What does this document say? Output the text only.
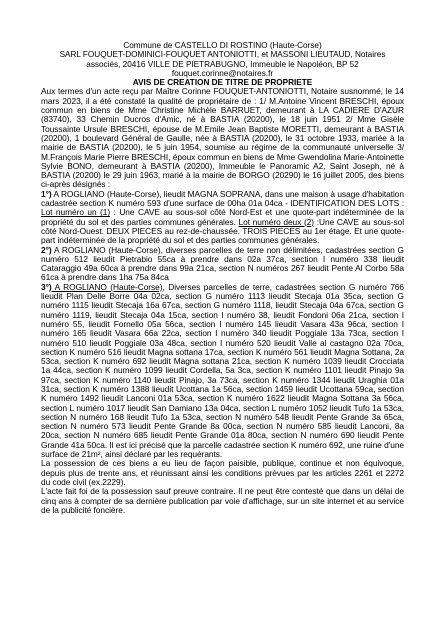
Commune de CASTELLO DI ROSTINO (Haute-Corse)
SARL FOUQUET-DOMINICI-FOUQUET ANTONIOTTI, et MASSONI LIEUTAUD, Notaires
associés, 20416 VILLE DE PIETRABUGNO, Immeuble le Napoléon, BP 52
fouquet.corinne@notaires.fr
AVIS DE CREATION DE TITRE DE PROPRIETE

Aux termes d'un acte reçu par Maître Corinne FOUQUET-ANTONIOTTI, Notaire susnommé, le 14 mars 2023, il a été constaté la qualité de propriétaire de : 1/ M.Antoine Vincent BRESCHI, époux commun en biens de Mme Christine Michèle BARRUET, demeurant à LA CADIERE D'AZUR (83740), 33 Chemin Ducros d'Amic, né à BASTIA (20200), le 18 juin 1951 2/ Mme Gisèle Toussainte Ursule BRESCHI, épouse de M.Emile Jean Baptiste MORETTI, demeurant à BASTIA (20200), 1 boulevard Général de Gaulle, née à BASTIA (20200), le 31 octobre 1933, mariée à la mairie de BASTIA (20200), le 5 juin 1954, soumise au régime de la communauté universelle 3/ M.François Marie Pierre BRESCHI, époux commun en biens de Mme Gwendolina Marie-Antoinette Sylvie BONO, demeurant à BASTIA (20200), Immeuble le Panoramic A2, Saint Joseph, né à BASTIA (20200) le 29 juin 1963, marié à la mairie de BORGO (20290) le 16 juillet 2005, des biens ci-après désignés :

1°) A ROGLIANO (Haute-Corse), lieudit MAGNA SOPRANA, dans une maison à usage d'habitation cadastrée section K numéro 593 d'une surface de 00ha 01a 04ca - IDENTIFICATION DES LOTS : Lot numéro un (1) : Une CAVE au sous-sol côté Nord-Est et une quote-part indéterminée de la propriété du sol et des parties communes générales. Lot numéro deux (2) :Une CAVE au sous-sol côté Nord-Ouest. DEUX PIECES au rez-de-chaussée. TROIS PIECES au 1er étage. Et une quote-part indéterminée de la propriété du sol et des parties communes générales.

2°) A ROGLIANO (Haute-Corse), diverses parcelles de terre non délimitées, cadastrées section G numéro 512 lieudit Pietrabio 55ca à prendre dans 02a 37ca, section I numéro 338 lieudit Cataraggio 49a 60ca à prendre dans 99a 21ca, section N numéros 267 lieudit Pente Al Corbo 58a 61ca à prendre dans 1ha 75a 84ca

3°) A ROGLIANO (Haute-Corse), Diverses parcelles de terre, cadastrées section G numéro 766 lieudit Plan Delle Borre 04a 02ca, section G numéro 1113 lieudit Stecaja 01a 35ca, section G numéro 1115 lieudit Stecaja 16a 67ca, section G numéro 1118, lieudit Stecaja 04a 67ca, section G numéro 1119, lieudit Stecaja 04a 15ca, section I numéro 38, lieudit Fondoni 06a 21ca, section I numéro 55, lieudit Fornello 05a 56ca, section I numéro 145 lieudit Vasara 43a 96ca, section I numéro 165 lieudit Vasara 66a 22ca, section I numéro 340 lieudit Poggiale 13a 73ca, section I numéro 510 lieudit Poggiale 03a 48ca, section I numéro 520 lieudit Valle al castagno 02a 70ca, section K numéro 516 lieudit Magna sottana 17ca, section K numéro 561 lieudit Magna Sottana, 2a 53ca, section K numéro 692 lieudit Magna sottana 21ca, section K numéro 1039 lieudit Crocciata 1a 44ca, section K numéro 1099 lieudit Cordella, 5a 3ca, section K numéro 1101 lieudit Pinajo 9a 97ca, section K numéro 1140 lieudit Pinajo, 3a 73ca, section K numéro 1344 lieudit Uraghia 01a 31ca, section K numéro 1388 lieudit Ucottana 1a 56ca, section 1459 lieudit Ucottana 59ca, section K numéro 1492 lieudit Lanconi 01a 53ca, section K numéro 1622 lieudit Magna Sottana 3a 56ca, section L numéro 1017 lieudit San Damiano 13a 04ca, section L numéro 1052 lieudit Tufo 1a 53ca, section N numéro 168 lieudit Tufo 1a 53ca, section N numéro 548 lieudit Pente Grande 3a 65ca, section N numéro 573 lieudit Pente Grande 8a 00ca, section N numéro 585 lieudit Lanconi, 8a 20ca, section N numéro 685 lieudit Pente Grande 01a 80ca, section N numéro 690 lieudit Pente Grande 41a 50ca. Il est ici précisé que la parcelle cadastrée section K numéro 692, une ruine d'une surface de 21m², ainsi déclaré par les requérants.

La possession de ces biens a eu lieu de façon paisible, publique, continue et non équivoque, depuis plus de trente ans, et réunissant ainsi les conditions prévues par les articles 2261 et 2272 du code civil (ex.2229).

L'acte fait foi de la possession sauf preuve contraire. Il ne peut être contesté que dans un délai de cinq ans à compter de sa dernière publication par voie d'affichage, sur un site internet et au service de la publicité foncière.
